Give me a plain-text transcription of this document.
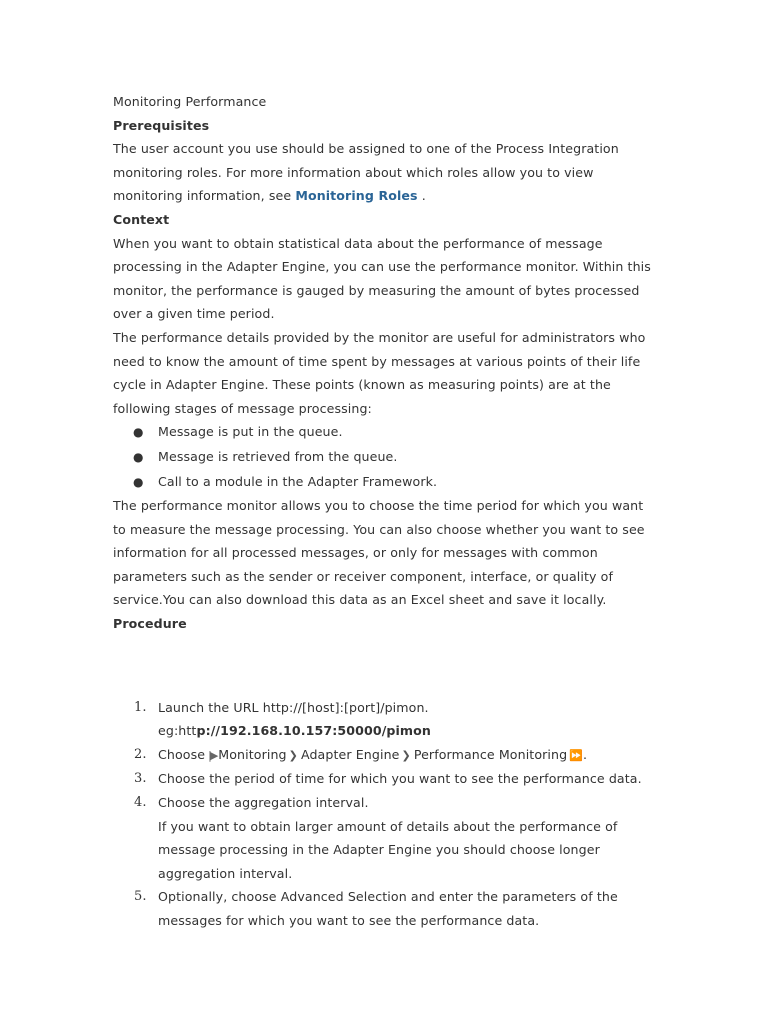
Monitoring Performance

Prerequisites

The user account you use should be assigned to one of the Process Integration monitoring roles. For more information about which roles allow you to view monitoring information, see Monitoring Roles .

Context

When you want to obtain statistical data about the performance of message processing in the Adapter Engine, you can use the performance monitor. Within this monitor, the performance is gauged by measuring the amount of bytes processed over a given time period.

The performance details provided by the monitor are useful for administrators who need to know the amount of time spent by messages at various points of their life cycle in Adapter Engine. These points (known as measuring points) are at the following stages of message processing:

● Message is put in the queue.
● Message is retrieved from the queue.
● Call to a module in the Adapter Framework.

The performance monitor allows you to choose the time period for which you want to measure the message processing. You can also choose whether you want to see information for all processed messages, or only for messages with common parameters such as the sender or receiver component, interface, or quality of service.You can also download this data as an Excel sheet and save it locally.

Procedure

1. Launch the URL http://[host]:[port]/pimon.
eg:http://192.168.10.157:50000/pimon
2. Choose |▶ Monitoring ❯ Adapter Engine ❯ Performance Monitoring ⏩.
3. Choose the period of time for which you want to see the performance data.
4. Choose the aggregation interval.
If you want to obtain larger amount of details about the performance of message processing in the Adapter Engine you should choose longer aggregation interval.
5. Optionally, choose Advanced Selection and enter the parameters of the messages for which you want to see the performance data.
